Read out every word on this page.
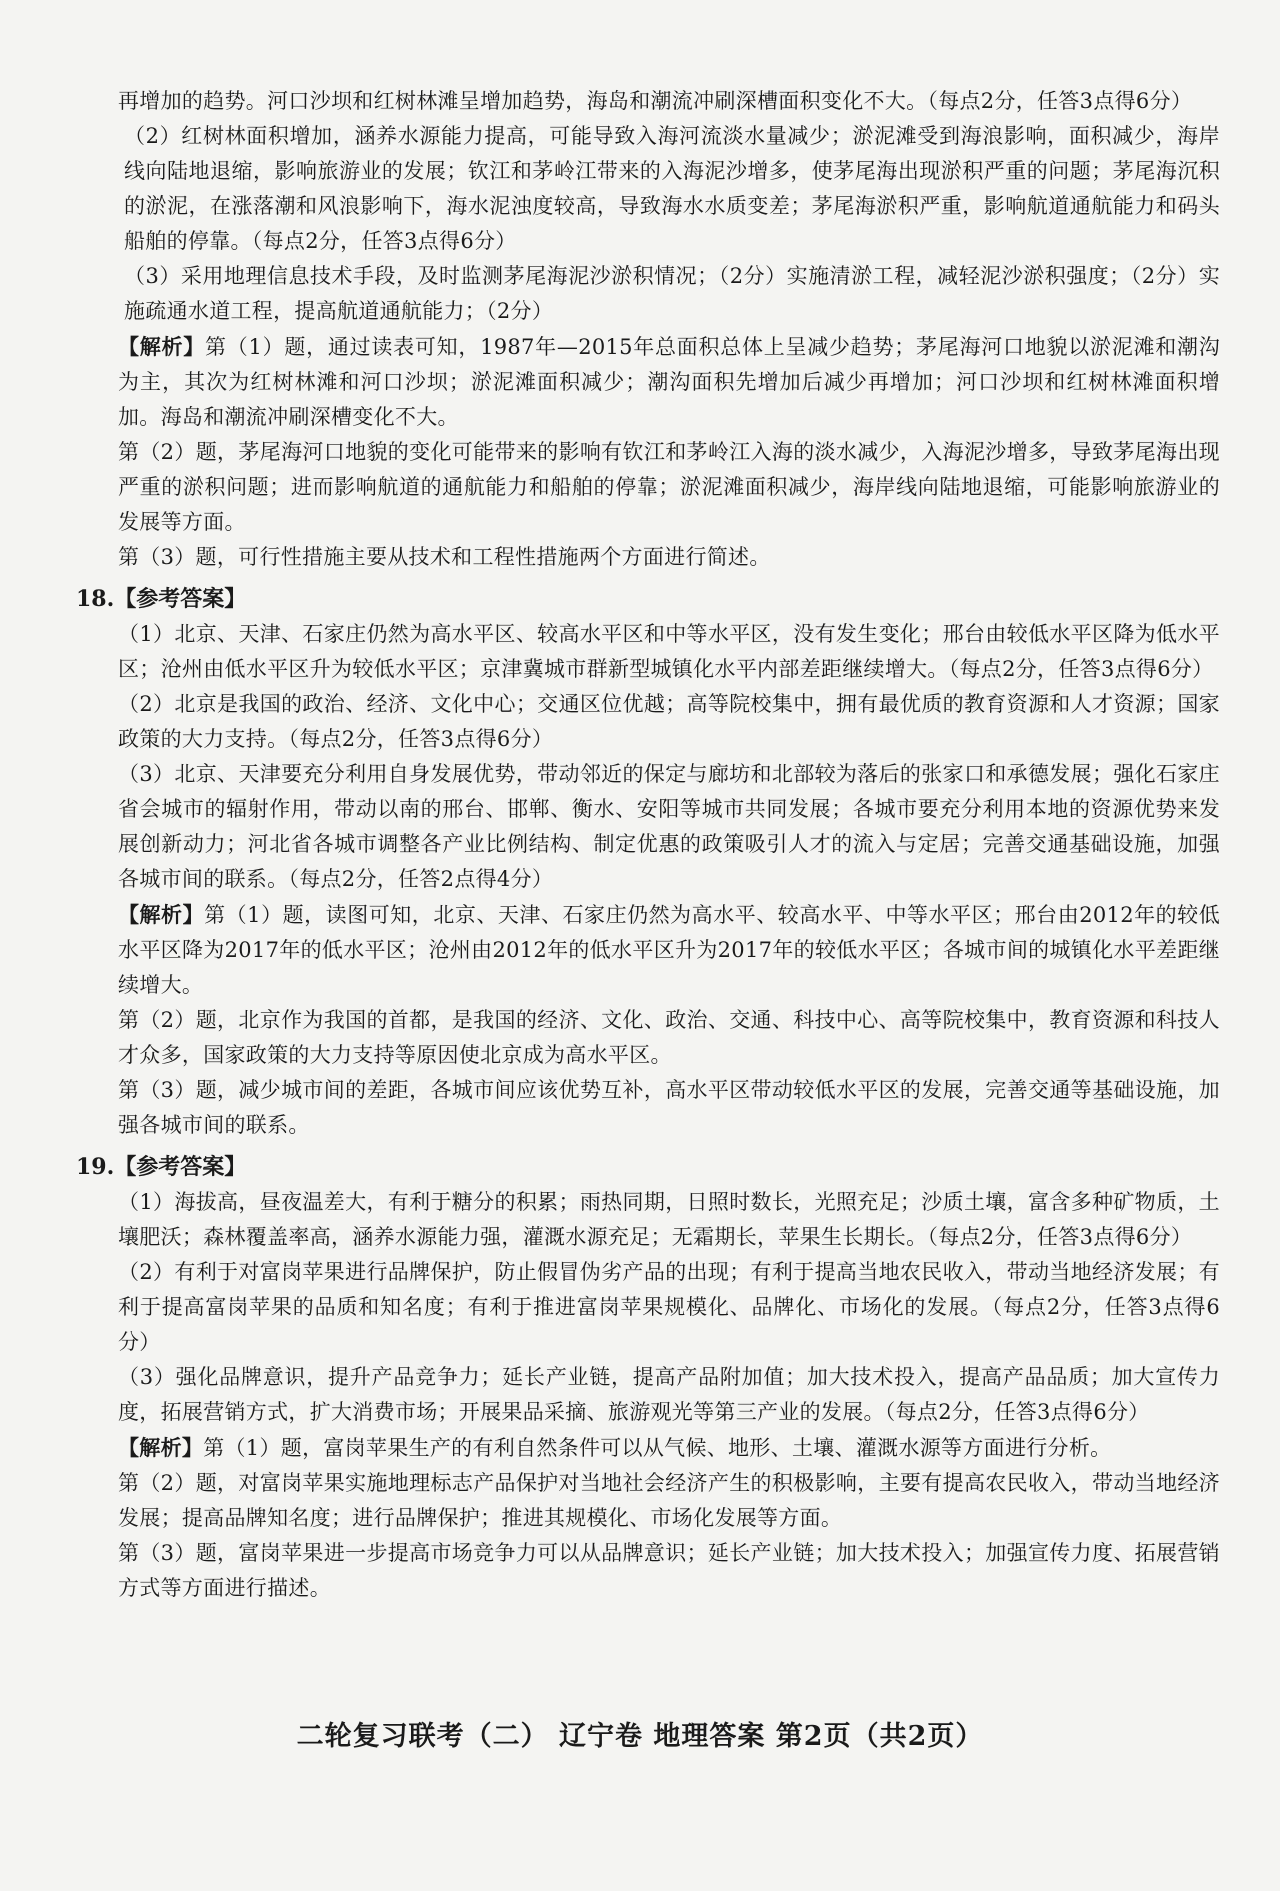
再增加的趋势。河口沙坝和红树林滩呈增加趋势，海岛和潮流冲刷深槽面积变化不大。（每点2分，任答3点得6分）

（2）红树林面积增加，涵养水源能力提高，可能导致入海河流淡水量减少；淤泥滩受到海浪影响，面积减少，海岸线向陆地退缩，影响旅游业的发展；钦江和茅岭江带来的入海泥沙增多，使茅尾海出现淤积严重的问题；茅尾海沉积的淤泥，在涨落潮和风浪影响下，海水泥浊度较高，导致海水水质变差；茅尾海淤积严重，影响航道通航能力和码头船舶的停靠。（每点2分，任答3点得6分）

（3）采用地理信息技术手段，及时监测茅尾海泥沙淤积情况；（2分）实施清淤工程，减轻泥沙淤积强度；（2分）实施疏通水道工程，提高航道通航能力；（2分）

【解析】第（1）题，通过读表可知，1987年—2015年总面积总体上呈减少趋势；茅尾海河口地貌以淤泥滩和潮沟为主，其次为红树林滩和河口沙坝；淤泥滩面积减少；潮沟面积先增加后减少再增加；河口沙坝和红树林滩面积增加。海岛和潮流冲刷深槽变化不大。

第（2）题，茅尾海河口地貌的变化可能带来的影响有钦江和茅岭江入海的淡水减少，入海泥沙增多，导致茅尾海出现严重的淤积问题；进而影响航道的通航能力和船舶的停靠；淤泥滩面积减少，海岸线向陆地退缩，可能影响旅游业的发展等方面。

第（3）题，可行性措施主要从技术和工程性措施两个方面进行简述。

18.【参考答案】

（1）北京、天津、石家庄仍然为高水平区、较高水平区和中等水平区，没有发生变化；邢台由较低水平区降为低水平区；沧州由低水平区升为较低水平区；京津冀城市群新型城镇化水平内部差距继续增大。（每点2分，任答3点得6分）

（2）北京是我国的政治、经济、文化中心；交通区位优越；高等院校集中，拥有最优质的教育资源和人才资源；国家政策的大力支持。（每点2分，任答3点得6分）

（3）北京、天津要充分利用自身发展优势，带动邻近的保定与廊坊和北部较为落后的张家口和承德发展；强化石家庄省会城市的辐射作用，带动以南的邢台、邯郸、衡水、安阳等城市共同发展；各城市要充分利用本地的资源优势来发展创新动力；河北省各城市调整各产业比例结构、制定优惠的政策吸引人才的流入与定居；完善交通基础设施，加强各城市间的联系。（每点2分，任答2点得4分）

【解析】第（1）题，读图可知，北京、天津、石家庄仍然为高水平、较高水平、中等水平区；邢台由2012年的较低水平区降为2017年的低水平区；沧州由2012年的低水平区升为2017年的较低水平区；各城市间的城镇化水平差距继续增大。

第（2）题，北京作为我国的首都，是我国的经济、文化、政治、交通、科技中心、高等院校集中，教育资源和科技人才众多，国家政策的大力支持等原因使北京成为高水平区。

第（3）题，减少城市间的差距，各城市间应该优势互补，高水平区带动较低水平区的发展，完善交通等基础设施，加强各城市间的联系。

19.【参考答案】

（1）海拔高，昼夜温差大，有利于糖分的积累；雨热同期，日照时数长，光照充足；沙质土壤，富含多种矿物质，土壤肥沃；森林覆盖率高，涵养水源能力强，灌溉水源充足；无霜期长，苹果生长期长。（每点2分，任答3点得6分）

（2）有利于对富岗苹果进行品牌保护，防止假冒伪劣产品的出现；有利于提高当地农民收入，带动当地经济发展；有利于提高富岗苹果的品质和知名度；有利于推进富岗苹果规模化、品牌化、市场化的发展。（每点2分，任答3点得6分）

（3）强化品牌意识，提升产品竞争力；延长产业链，提高产品附加值；加大技术投入，提高产品品质；加大宣传力度，拓展营销方式，扩大消费市场；开展果品采摘、旅游观光等第三产业的发展。（每点2分，任答3点得6分）

【解析】第（1）题，富岗苹果生产的有利自然条件可以从气候、地形、土壤、灌溉水源等方面进行分析。

第（2）题，对富岗苹果实施地理标志产品保护对当地社会经济产生的积极影响，主要有提高农民收入，带动当地经济发展；提高品牌知名度；进行品牌保护；推进其规模化、市场化发展等方面。

第（3）题，富岗苹果进一步提高市场竞争力可以从品牌意识；延长产业链；加大技术投入；加强宣传力度、拓展营销方式等方面进行描述。

二轮复习联考（二） 辽宁卷 地理答案 第2页（共2页）
